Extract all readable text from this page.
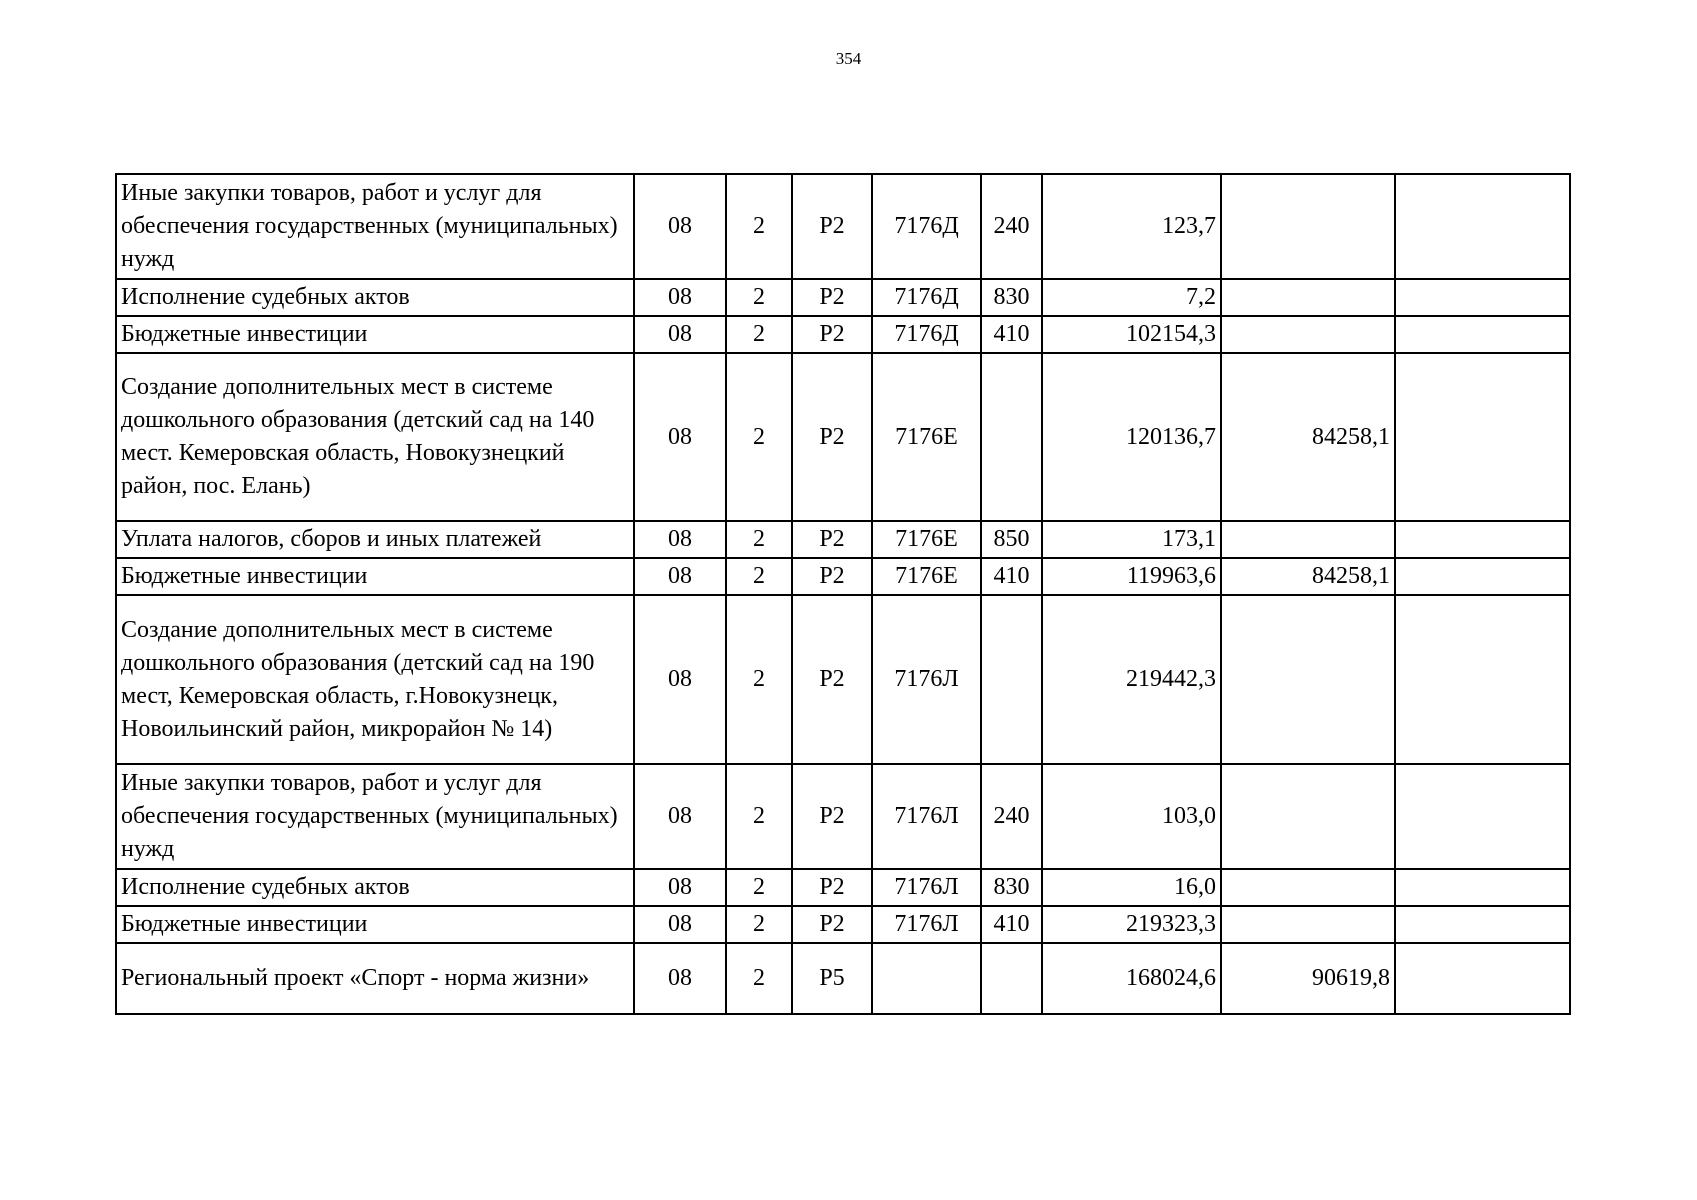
354
Иные закупки товаров, работ и услуг для обеспечения государственных (муниципальных) нужд	08	2	Р2	7176Д	240	123,7		
Исполнение судебных актов	08	2	Р2	7176Д	830	7,2		
Бюджетные инвестиции	08	2	Р2	7176Д	410	102154,3		
Создание дополнительных мест в системе дошкольного образования (детский сад на 140 мест. Кемеровская область, Новокузнецкий район, пос. Елань)	08	2	Р2	7176Е		120136,7	84258,1	
Уплата налогов, сборов и иных платежей	08	2	Р2	7176Е	850	173,1		
Бюджетные инвестиции	08	2	Р2	7176Е	410	119963,6	84258,1	
Создание дополнительных мест в системе дошкольного образования (детский сад на 190 мест, Кемеровская область, г.Новокузнецк, Новоильинский район, микрорайон № 14)	08	2	Р2	7176Л		219442,3		
Иные закупки товаров, работ и услуг для обеспечения государственных (муниципальных) нужд	08	2	Р2	7176Л	240	103,0		
Исполнение судебных актов	08	2	Р2	7176Л	830	16,0		
Бюджетные инвестиции	08	2	Р2	7176Л	410	219323,3		
Региональный проект «Спорт - норма жизни»	08	2	Р5			168024,6	90619,8	
